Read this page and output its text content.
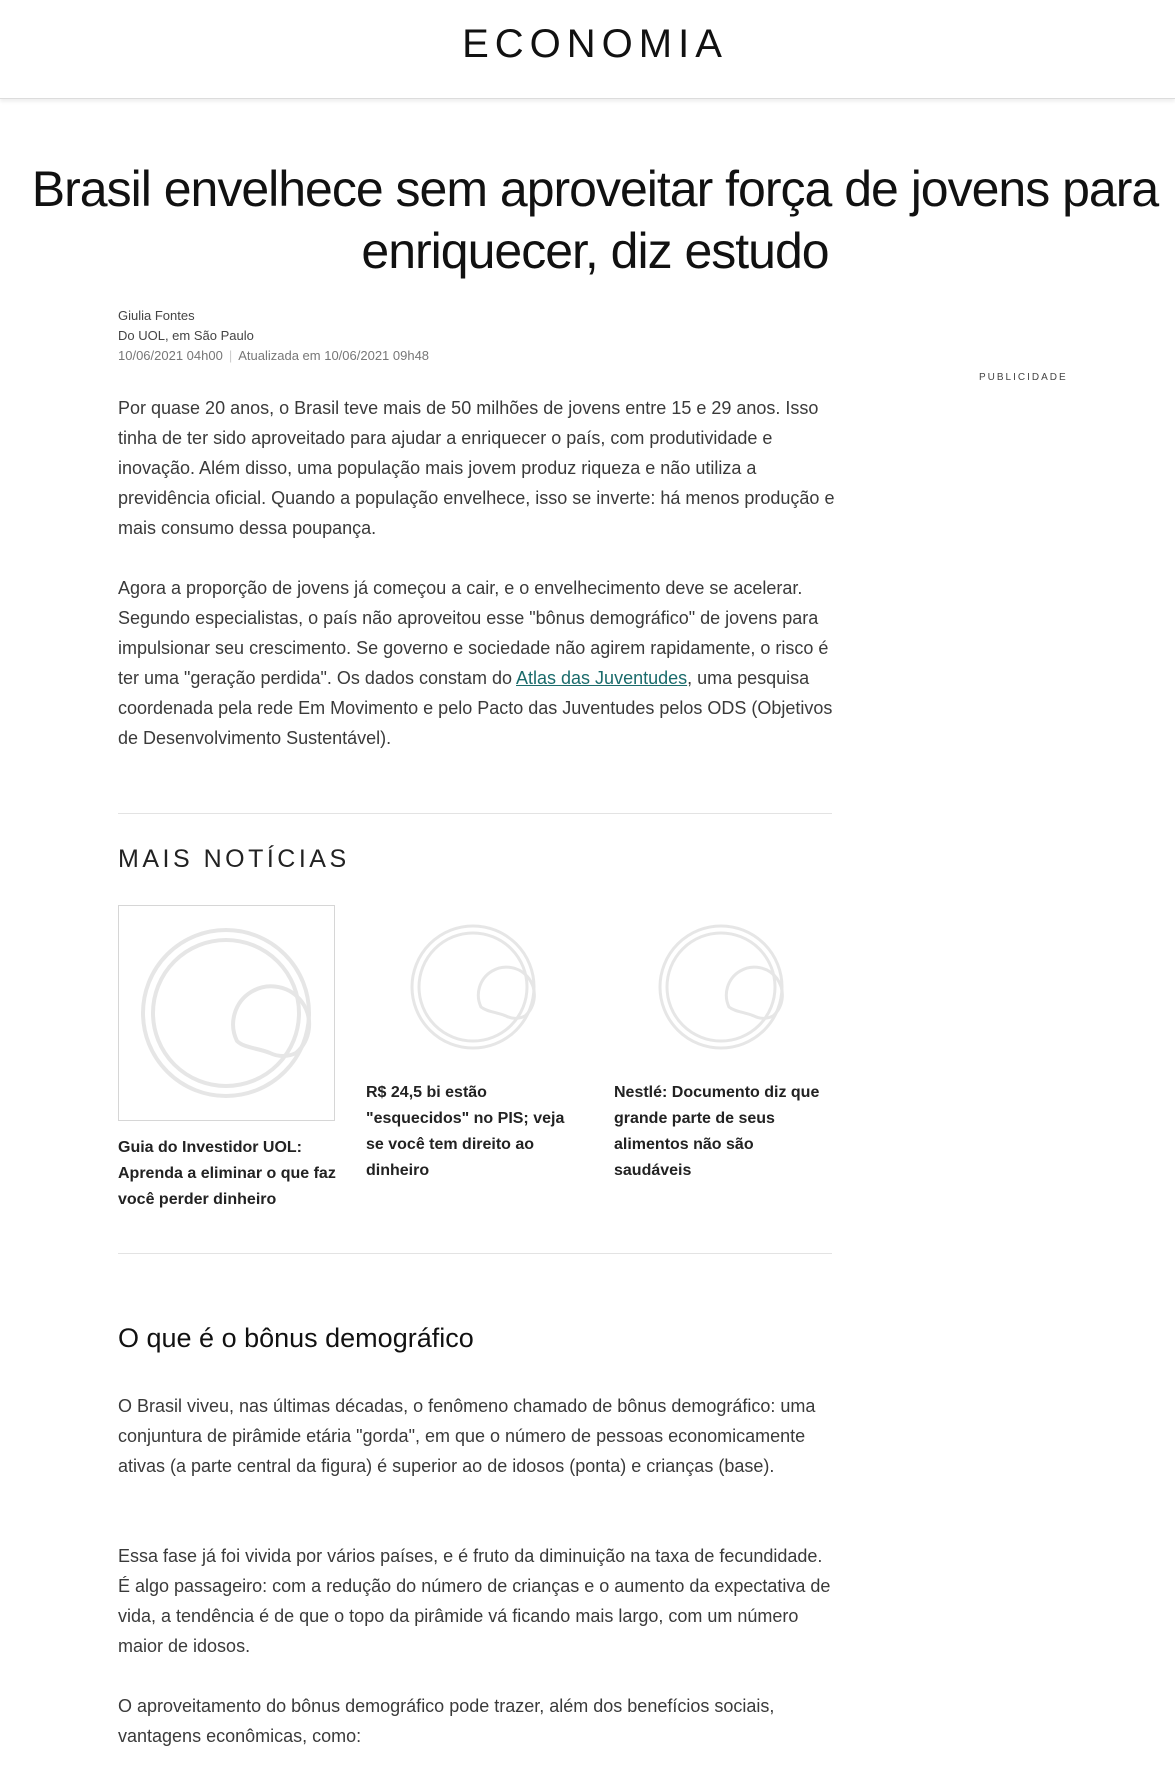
ECONOMIA
Brasil envelhece sem aproveitar força de jovens para enriquecer, diz estudo
Giulia Fontes
Do UOL, em São Paulo
10/06/2021 04h00 | Atualizada em 10/06/2021 09h48
PUBLICIDADE

Por quase 20 anos, o Brasil teve mais de 50 milhões de jovens entre 15 e 29 anos. Isso tinha de ter sido aproveitado para ajudar a enriquecer o país, com produtividade e inovação. Além disso, uma população mais jovem produz riqueza e não utiliza a previdência oficial. Quando a população envelhece, isso se inverte: há menos produção e mais consumo dessa poupança.

Agora a proporção de jovens já começou a cair, e o envelhecimento deve se acelerar. Segundo especialistas, o país não aproveitou esse "bônus demográfico" de jovens para impulsionar seu crescimento. Se governo e sociedade não agirem rapidamente, o risco é ter uma "geração perdida". Os dados constam do Atlas das Juventudes, uma pesquisa coordenada pela rede Em Movimento e pelo Pacto das Juventudes pelos ODS (Objetivos de Desenvolvimento Sustentável).

MAIS NOTÍCIAS
Guia do Investidor UOL: Aprenda a eliminar o que faz você perder dinheiro
R$ 24,5 bi estão "esquecidos" no PIS; veja se você tem direito ao dinheiro
Nestlé: Documento diz que grande parte de seus alimentos não são saudáveis
O que é o bônus demográfico

O Brasil viveu, nas últimas décadas, o fenômeno chamado de bônus demográfico: uma conjuntura de pirâmide etária "gorda", em que o número de pessoas economicamente ativas (a parte central da figura) é superior ao de idosos (ponta) e crianças (base).

Essa fase já foi vivida por vários países, e é fruto da diminuição na taxa de fecundidade. É algo passageiro: com a redução do número de crianças e o aumento da expectativa de vida, a tendência é de que o topo da pirâmide vá ficando mais largo, com um número maior de idosos.

O aproveitamento do bônus demográfico pode trazer, além dos benefícios sociais, vantagens econômicas, como:
